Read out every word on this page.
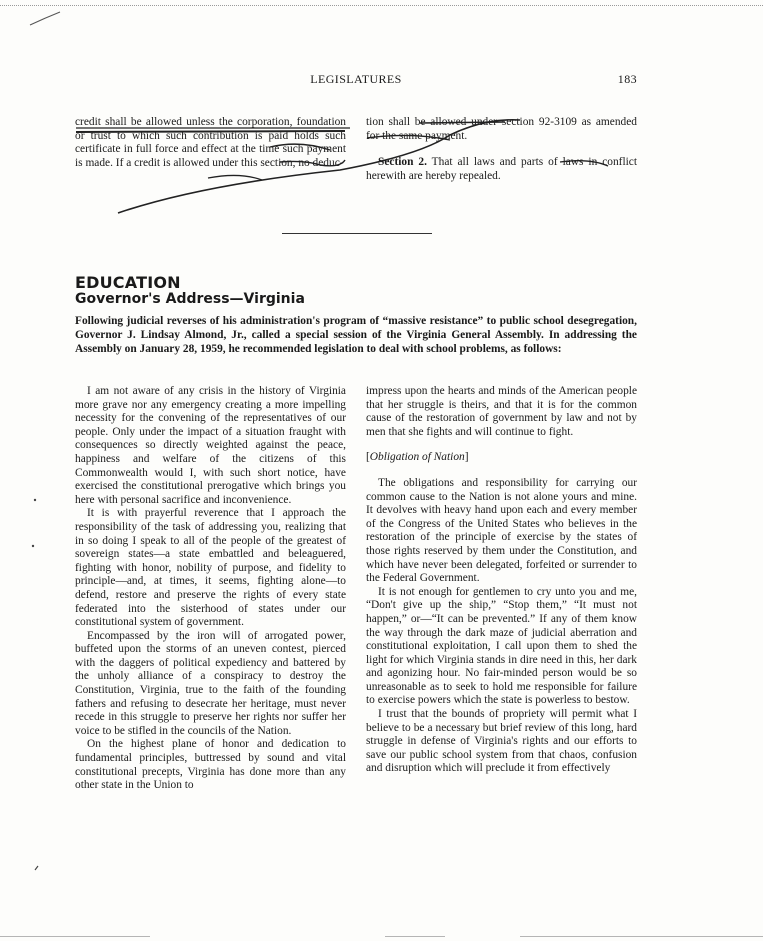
LEGISLATURES	183

credit shall be allowed unless the corporation, foundation or trust to which such contribution is paid holds such certificate in full force and effect at the time such payment is made. If a credit is allowed under this section, no deduc-

tion shall be allowed under section 92-3109 as amended for the same payment.

Section 2. That all laws and parts of laws in conflict herewith are hereby repealed.

EDUCATION
Governor's Address—Virginia

Following judicial reverses of his administration's program of “massive resistance” to public school desegregation, Governor J. Lindsay Almond, Jr., called a special session of the Virginia General Assembly. In addressing the Assembly on January 28, 1959, he recommended legislation to deal with school problems, as follows:

I am not aware of any crisis in the history of Virginia more grave nor any emergency creating a more impelling necessity for the convening of the representatives of our people. Only under the impact of a situation fraught with consequences so directly weighted against the peace, happiness and welfare of the citizens of this Commonwealth would I, with such short notice, have exercised the constitutional prerogative which brings you here with personal sacrifice and inconvenience.

It is with prayerful reverence that I approach the responsibility of the task of addressing you, realizing that in so doing I speak to all of the people of the greatest of sovereign states—a state embattled and beleaguered, fighting with honor, nobility of purpose, and fidelity to principle—and, at times, it seems, fighting alone—to defend, restore and preserve the rights of every state federated into the sisterhood of states under our constitutional system of government.

Encompassed by the iron will of arrogated power, buffeted upon the storms of an uneven contest, pierced with the daggers of political expediency and battered by the unholy alliance of a conspiracy to destroy the Constitution, Virginia, true to the faith of the founding fathers and refusing to desecrate her heritage, must never recede in this struggle to preserve her rights nor suffer her voice to be stifled in the councils of the Nation.

On the highest plane of honor and dedication to fundamental principles, buttressed by sound and vital constitutional precepts, Virginia has done more than any other state in the Union to

impress upon the hearts and minds of the American people that her struggle is theirs, and that it is for the common cause of the restoration of government by law and not by men that she fights and will continue to fight.

[Obligation of Nation]

The obligations and responsibility for carrying our common cause to the Nation is not alone yours and mine. It devolves with heavy hand upon each and every member of the Congress of the United States who believes in the restoration of the principle of exercise by the states of those rights reserved by them under the Constitution, and which have never been delegated, forfeited or surrender to the Federal Government.

It is not enough for gentlemen to cry unto you and me, “Don't give up the ship,” “Stop them,” “It must not happen,” or—“It can be prevented.” If any of them know the way through the dark maze of judicial aberration and constitutional exploitation, I call upon them to shed the light for which Virginia stands in dire need in this, her dark and agonizing hour. No fair-minded person would be so unreasonable as to seek to hold me responsible for failure to exercise powers which the state is powerless to bestow.

I trust that the bounds of propriety will permit what I believe to be a necessary but brief review of this long, hard struggle in defense of Virginia's rights and our efforts to save our public school system from that chaos, confusion and disruption which will preclude it from effectively
